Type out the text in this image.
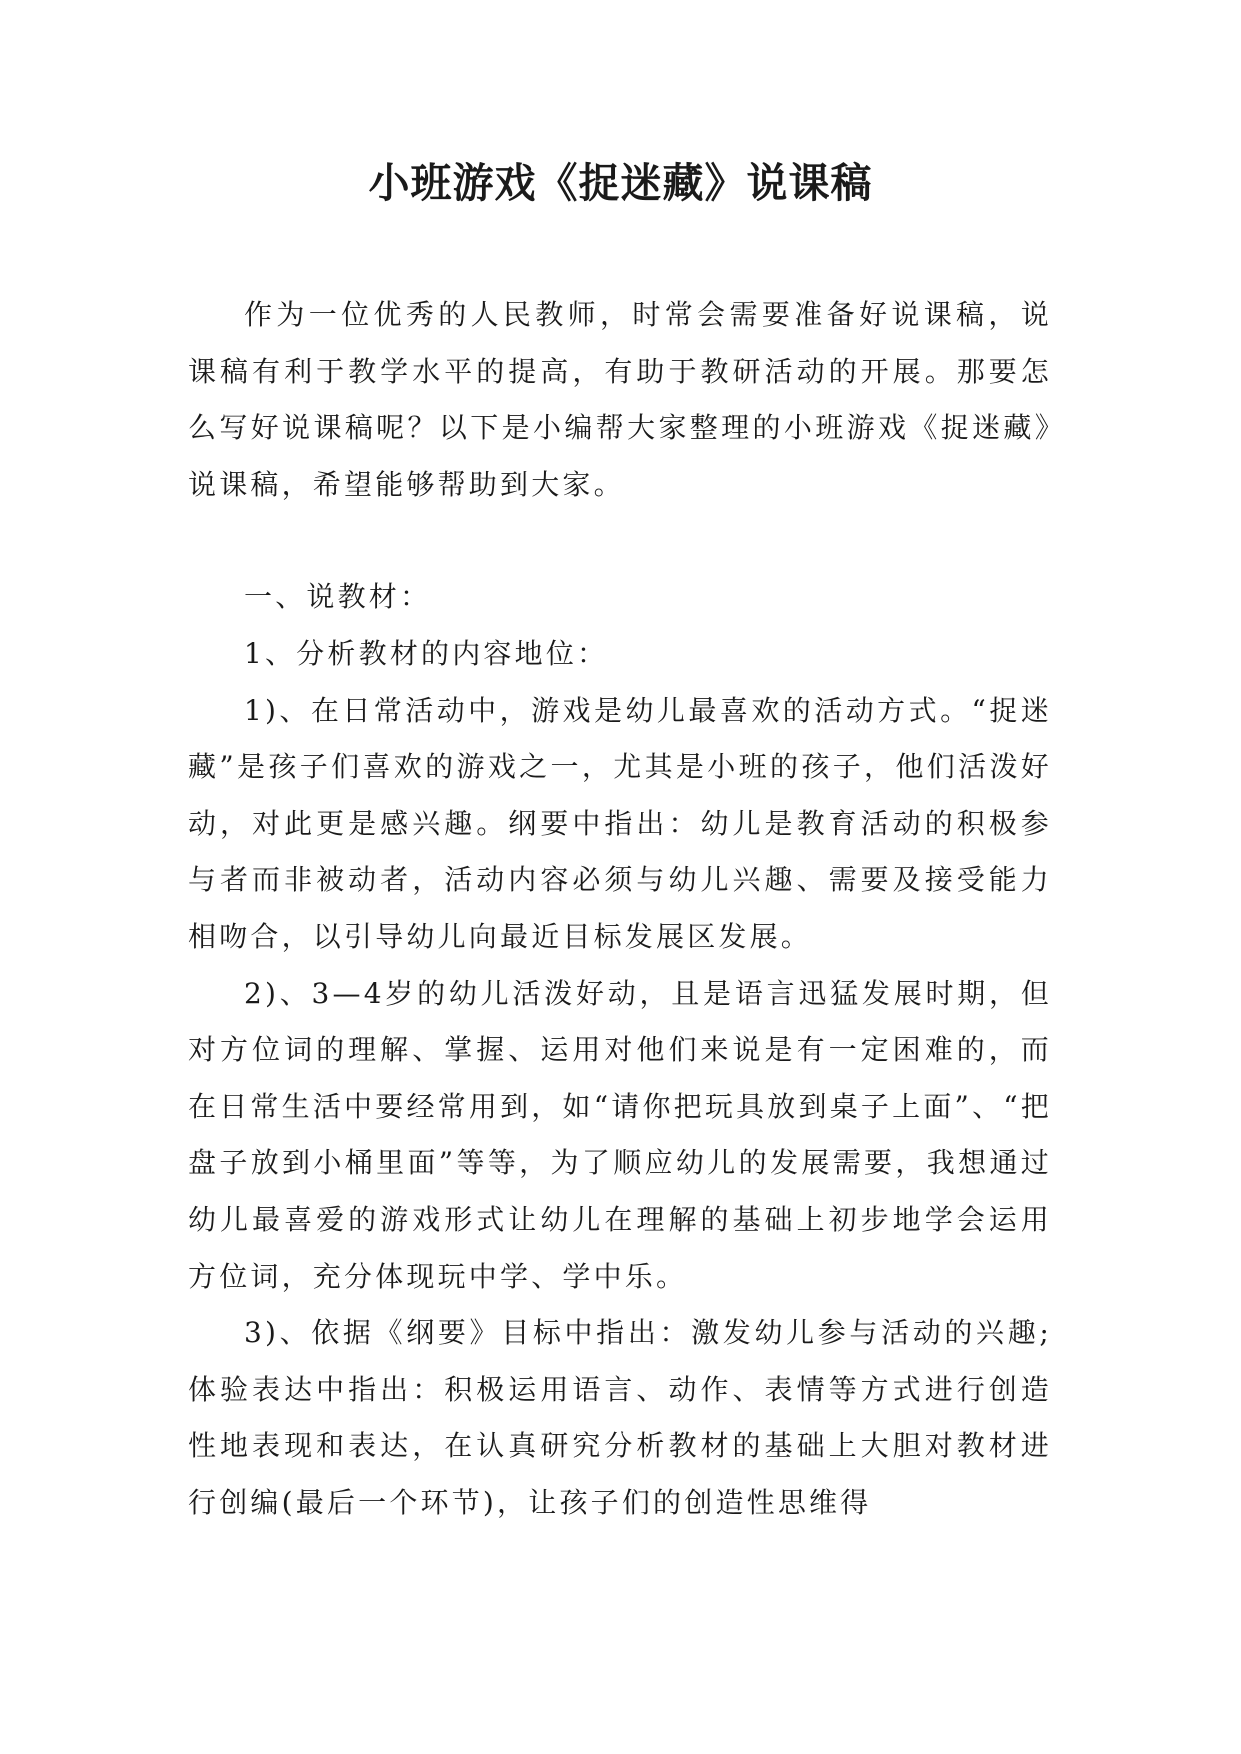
小班游戏《捉迷藏》说课稿

作为一位优秀的人民教师，时常会需要准备好说课稿，说课稿有利于教学水平的提高，有助于教研活动的开展。那要怎么写好说课稿呢？以下是小编帮大家整理的小班游戏《捉迷藏》说课稿，希望能够帮助到大家。

一、说教材：

1、分析教材的内容地位：

1)、在日常活动中，游戏是幼儿最喜欢的活动方式。“捉迷藏”是孩子们喜欢的游戏之一，尤其是小班的孩子，他们活泼好动，对此更是感兴趣。纲要中指出：幼儿是教育活动的积极参与者而非被动者，活动内容必须与幼儿兴趣、需要及接受能力相吻合，以引导幼儿向最近目标发展区发展。

2)、3—4岁的幼儿活泼好动，且是语言迅猛发展时期，但对方位词的理解、掌握、运用对他们来说是有一定困难的，而在日常生活中要经常用到，如“请你把玩具放到桌子上面”、“把盘子放到小桶里面”等等，为了顺应幼儿的发展需要，我想通过幼儿最喜爱的游戏形式让幼儿在理解的基础上初步地学会运用方位词，充分体现玩中学、学中乐。

3)、依据《纲要》目标中指出：激发幼儿参与活动的兴趣;体验表达中指出：积极运用语言、动作、表情等方式进行创造性地表现和表达，在认真研究分析教材的基础上大胆对教材进行创编(最后一个环节)，让孩子们的创造性思维得
